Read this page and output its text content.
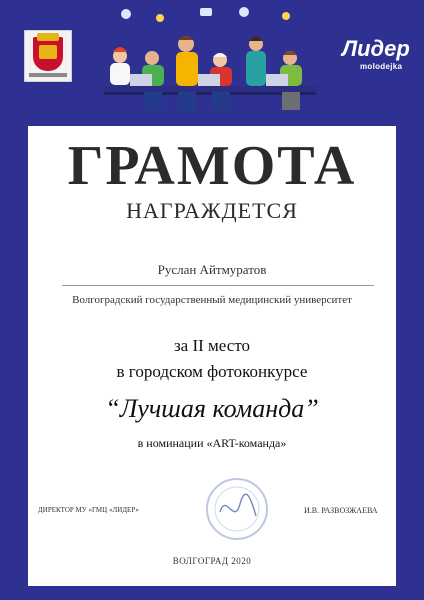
Лидер
molodejka
ГРАМОТА
НАГРАЖДЕТСЯ
Руслан Айтмуратов
Волгоградский государственный медицинский университет
за II место
в городском фотоконкурсе
“Лучшая команда”
в номинации «ART-команда»
ДИРЕКТОР МУ «ГМЦ «ЛИДЕР»	И.В. РАЗВОЗЖАЕВА
ВОЛГОГРАД 2020
